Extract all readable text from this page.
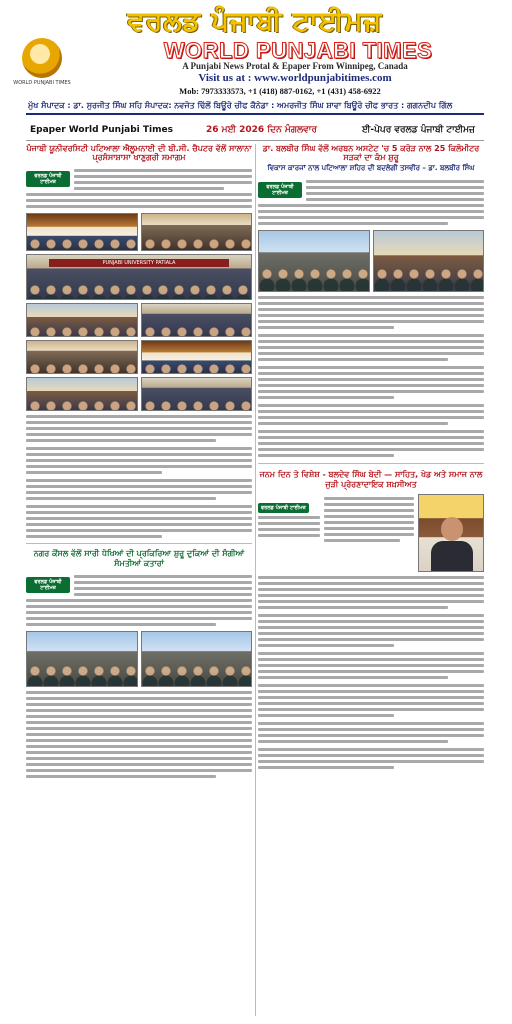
ਵਰਲਡ ਪੰਜਾਬੀ ਟਾਈਮਜ਼
WORLD PUNJABI TIMES
WORLD PUNJABI TIMES
A Punjabi News Protal & Epaper From Winnipeg, Canada
Visit us at : www.worldpunjabitimes.com
Mob: 7973333573, +1 (418) 887-0162, +1 (431) 458-6922
ਮੁੱਖ ਸੰਪਾਦਕ : ਡਾ. ਸੁਰਜੀਤ ਸਿੰਘ ਸਹਿ ਸੰਪਾਦਕ: ਨਵਜੋਤ ਢਿੱਲੋਂ ਬਿਊਰੋ ਚੀਫ ਕੈਨੇਡਾ : ਅਮਰਜੀਤ ਸਿੰਘ ਸ਼ਾਵਾ ਬਿਊਰੋ ਚੀਫ ਭਾਰਤ : ਗਗਨਦੀਪ ਗਿੱਲ
Epaper World Punjabi Times	26 ਮਈ 2026 ਦਿਨ ਮੰਗਲਵਾਰ	ਈ-ਪੇਪਰ ਵਰਲਡ ਪੰਜਾਬੀ ਟਾਈਮਜ਼
ਪੰਜਾਬੀ ਯੂਨੀਵਰਸਿਟੀ ਪਟਿਆਲਾ ਐਲੂਮਨਾਈ ਦੀ ਬੀ.ਸੀ. ਚੈਪਟਰ ਵੱਲੋਂ ਸਾਲਾਨਾ ਪ੍ਰਸੰਸਾਸ਼ਾਸਾ ਖਾਣੁਗਰੀ ਸਮਾਗਮ
ਵਰਲਡ ਪੰਜਾਬੀ ਟਾਈਮਜ਼
PUNJABI UNIVERSITY PATIALA
ਨਗਰ ਕੌਂਸਲ ਵੱਲੋਂ ਸਾਰੀ ਧੋਖਿਆਂ ਦੀ ਪ੍ਰਕਿਰਿਆ ਸ਼ੁਰੂ ਦੁਕਿਆਂ ਦੀ ਸੰਗੀਆਂ ਸੰਮਤੀਆਂ ਕਤਾਰਾਂ
ਵਰਲਡ ਪੰਜਾਬੀ ਟਾਈਮਜ਼
ਡਾ. ਬਲਬੀਰ ਸਿੰਘ ਵੱਲੋਂ ਅਰਬਨ ਅਸਟੇਟ 'ਚ 5 ਕਰੋੜ ਨਾਲ 25 ਕਿਲੋਮੀਟਰ ਸੜਕਾਂ ਦਾ ਕੰਮ ਸ਼ੁਰੂ
ਵਿਕਾਸ ਕਾਰਜਾਂ ਨਾਲ ਪਟਿਆਲਾ ਸ਼ਹਿਰ ਦੀ ਬਦਲੇਗੀ ਤਸਵੀਰ – ਡਾ. ਬਲਬੀਰ ਸਿੰਘ
ਵਰਲਡ ਪੰਜਾਬੀ ਟਾਈਮਜ਼
ਜਨਮ ਦਿਨ ਤੇ ਵਿਸ਼ੇਸ਼ - ਬਲਦੇਵ ਸਿੰਘ ਬੇਦੀ — ਸਾਹਿਤ, ਖੇਡ ਅਤੇ ਸਮਾਜ ਨਾਲ ਜੁੜੀ ਪ੍ਰੇਰਣਾਦਾਇਕ ਸ਼ਖ਼ਸੀਅਤ
ਵਰਲਡ ਪੰਜਾਬੀ ਟਾਈਮਜ਼
